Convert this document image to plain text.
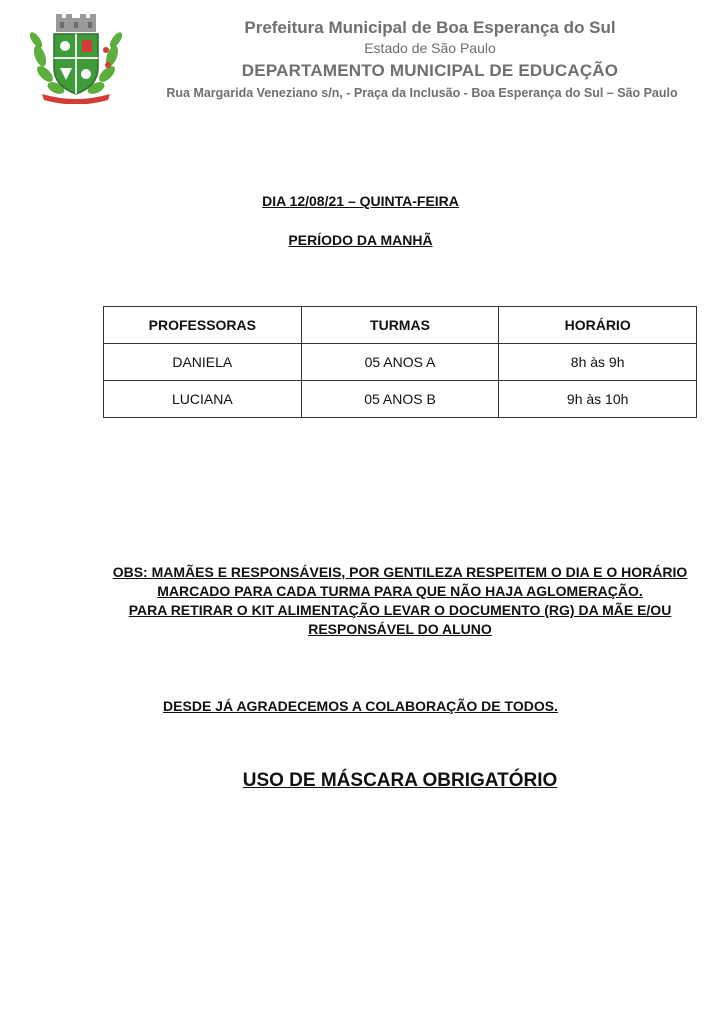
Prefeitura Municipal de Boa Esperança do Sul
Estado de São Paulo
DEPARTAMENTO MUNICIPAL DE EDUCAÇÃO
Rua Margarida Veneziano s/n, - Praça da Inclusão - Boa Esperança do Sul – São Paulo
DIA 12/08/21 – QUINTA-FEIRA
PERÍODO DA MANHÃ
PROFESSORAS	TURMAS	HORÁRIO
DANIELA	05 ANOS A	8h às 9h
LUCIANA	05 ANOS B	9h às 10h

OBS: MAMÃES E RESPONSÁVEIS, POR GENTILEZA RESPEITEM O DIA E O HORÁRIO MARCADO PARA CADA TURMA PARA QUE NÃO HAJA AGLOMERAÇÃO.

PARA RETIRAR O KIT ALIMENTAÇÃO LEVAR O DOCUMENTO (RG) DA MÃE E/OU RESPONSÁVEL DO ALUNO

DESDE JÁ AGRADECEMOS A COLABORAÇÃO DE TODOS.
USO DE MÁSCARA OBRIGATÓRIO
